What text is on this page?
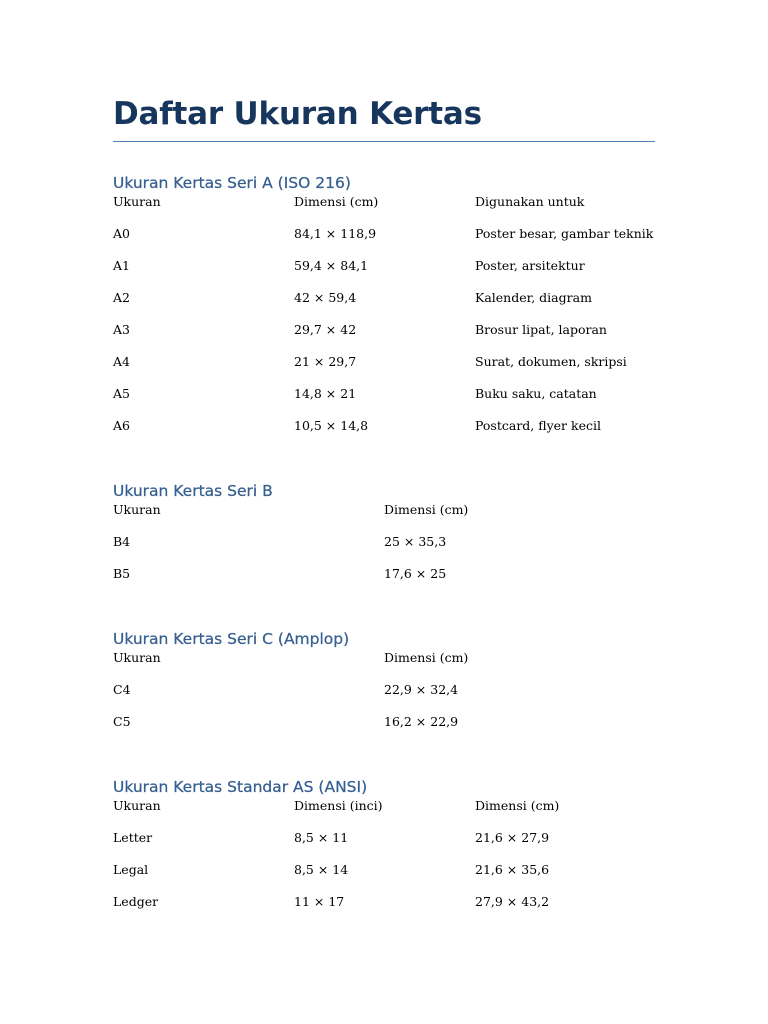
Daftar Ukuran Kertas
Ukuran Kertas Seri A (ISO 216)
Ukuran	Dimensi (cm)	Digunakan untuk
A0	84,1 × 118,9	Poster besar, gambar teknik
A1	59,4 × 84,1	Poster, arsitektur
A2	42 × 59,4	Kalender, diagram
A3	29,7 × 42	Brosur lipat, laporan
A4	21 × 29,7	Surat, dokumen, skripsi
A5	14,8 × 21	Buku saku, catatan
A6	10,5 × 14,8	Postcard, flyer kecil
Ukuran Kertas Seri B
Ukuran	Dimensi (cm)
B4	25 × 35,3
B5	17,6 × 25
Ukuran Kertas Seri C (Amplop)
Ukuran	Dimensi (cm)
C4	22,9 × 32,4
C5	16,2 × 22,9
Ukuran Kertas Standar AS (ANSI)
Ukuran	Dimensi (inci)	Dimensi (cm)
Letter	8,5 × 11	21,6 × 27,9
Legal	8,5 × 14	21,6 × 35,6
Ledger	11 × 17	27,9 × 43,2
